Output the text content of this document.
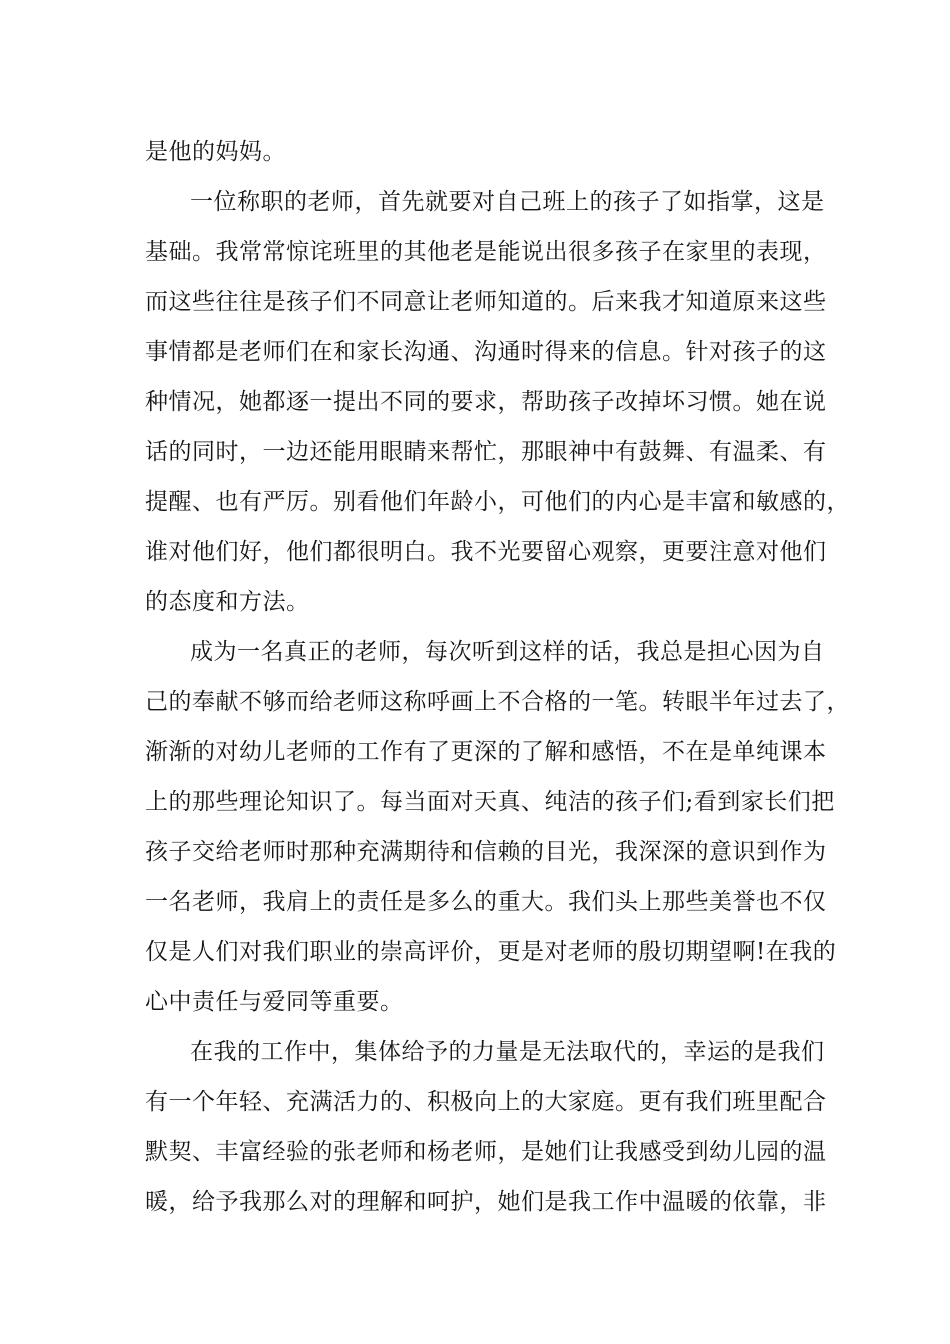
是他的妈妈。
一位称职的老师，首先就要对自己班上的孩子了如指掌，这是
基础。我常常惊诧班里的其他老是能说出很多孩子在家里的表现，
而这些往往是孩子们不同意让老师知道的。后来我才知道原来这些
事情都是老师们在和家长沟通、沟通时得来的信息。针对孩子的这
种情况，她都逐一提出不同的要求，帮助孩子改掉坏习惯。她在说
话的同时，一边还能用眼睛来帮忙，那眼神中有鼓舞、有温柔、有
提醒、也有严厉。别看他们年龄小，可他们的内心是丰富和敏感的，
谁对他们好，他们都很明白。我不光要留心观察，更要注意对他们
的态度和方法。
成为一名真正的老师，每次听到这样的话，我总是担心因为自
己的奉献不够而给老师这称呼画上不合格的一笔。转眼半年过去了，
渐渐的对幼儿老师的工作有了更深的了解和感悟，不在是单纯课本
上的那些理论知识了。每当面对天真、纯洁的孩子们;看到家长们把
孩子交给老师时那种充满期待和信赖的目光，我深深的意识到作为
一名老师，我肩上的责任是多么的重大。我们头上那些美誉也不仅
仅是人们对我们职业的崇高评价，更是对老师的殷切期望啊!在我的
心中责任与爱同等重要。
在我的工作中，集体给予的力量是无法取代的，幸运的是我们
有一个年轻、充满活力的、积极向上的大家庭。更有我们班里配合
默契、丰富经验的张老师和杨老师，是她们让我感受到幼儿园的温
暖，给予我那么对的理解和呵护，她们是我工作中温暖的依靠，非
